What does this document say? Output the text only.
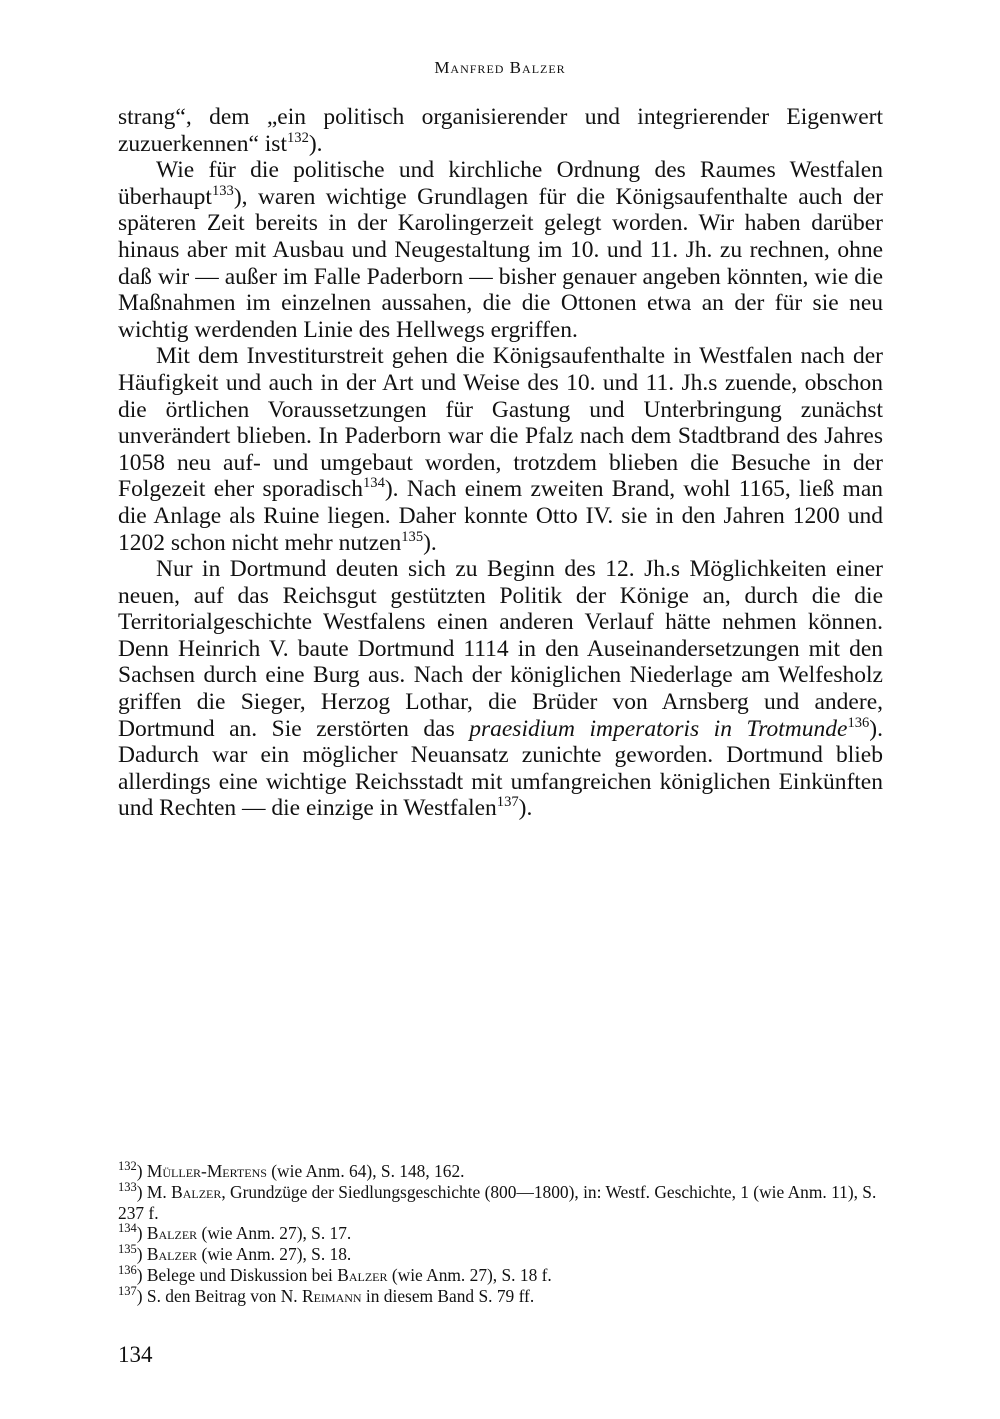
Manfred Balzer

strang“, dem „ein politisch organisierender und integrierender Eigenwert zuzuerkennen“ ist$^{132}$).

Wie für die politische und kirchliche Ordnung des Raumes Westfalen überhaupt$^{133}$), waren wichtige Grundlagen für die Königsaufenthalte auch der späteren Zeit bereits in der Karolingerzeit gelegt worden. Wir haben darüber hinaus aber mit Ausbau und Neugestaltung im 10. und 11. Jh. zu rechnen, ohne daß wir — außer im Falle Paderborn — bisher genauer angeben könnten, wie die Maßnahmen im einzelnen aussahen, die die Ottonen etwa an der für sie neu wichtig werdenden Linie des Hellwegs ergriffen.

Mit dem Investiturstreit gehen die Königsaufenthalte in Westfalen nach der Häufigkeit und auch in der Art und Weise des 10. und 11. Jh.s zuende, obschon die örtlichen Voraussetzungen für Gastung und Unterbringung zunächst unverändert blieben. In Paderborn war die Pfalz nach dem Stadtbrand des Jahres 1058 neu auf- und umgebaut worden, trotzdem blieben die Besuche in der Folgezeit eher sporadisch$^{134}$). Nach einem zweiten Brand, wohl 1165, ließ man die Anlage als Ruine liegen. Daher konnte Otto IV. sie in den Jahren 1200 und 1202 schon nicht mehr nutzen$^{135}$).

Nur in Dortmund deuten sich zu Beginn des 12. Jh.s Möglichkeiten einer neuen, auf das Reichsgut gestützten Politik der Könige an, durch die die Territorialgeschichte Westfalens einen anderen Verlauf hätte nehmen können. Denn Heinrich V. baute Dortmund 1114 in den Auseinandersetzungen mit den Sachsen durch eine Burg aus. Nach der königlichen Niederlage am Welfesholz griffen die Sieger, Herzog Lothar, die Brüder von Arnsberg und andere, Dortmund an. Sie zerstörten das praesidium imperatoris in Trotmunde$^{136}$). Dadurch war ein möglicher Neuansatz zunichte geworden. Dortmund blieb allerdings eine wichtige Reichsstadt mit umfangreichen königlichen Einkünften und Rechten — die einzige in Westfalen$^{137}$).

$^{132}$) Müller-Mertens (wie Anm. 64), S. 148, 162.

$^{133}$) M. Balzer, Grundzüge der Siedlungsgeschichte (800—1800), in: Westf. Geschichte, 1 (wie Anm. 11), S. 237 f.

$^{134}$) Balzer (wie Anm. 27), S. 17.

$^{135}$) Balzer (wie Anm. 27), S. 18.

$^{136}$) Belege und Diskussion bei Balzer (wie Anm. 27), S. 18 f.

$^{137}$) S. den Beitrag von N. Reimann in diesem Band S. 79 ff.

134
